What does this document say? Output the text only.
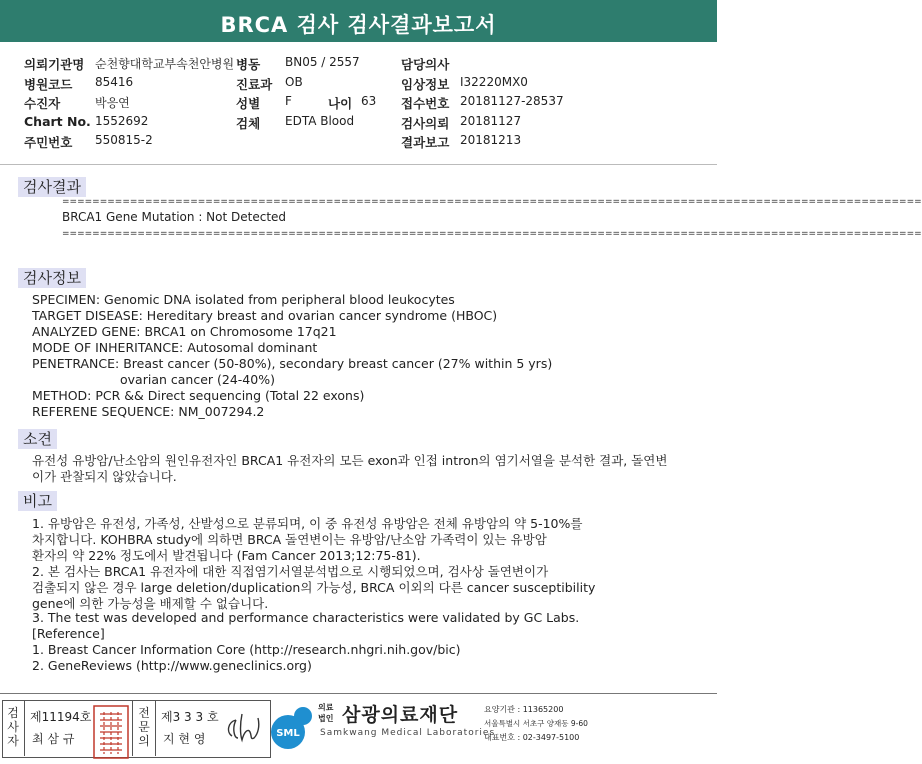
BRCA 검사 검사결과보고서
의뢰기관명 순천향대학교부속천안병원 병동 BN05 / 2557	담당의사
병원코드 85416	진료과 OB	임상정보 I32220MX0
수진자	박응연	성별 F	나이 63 접수번호 20181127-28537
Chart No. 1552692	검체 EDTA Blood	검사의뢰 20181127
주민번호 550815-2	결과보고 20181213
검사결과
==================================================================================================================
BRCA1 Gene Mutation : Not Detected
==================================================================================================================
검사정보
SPECIMEN: Genomic DNA isolated from peripheral blood leukocytes
TARGET DISEASE: Hereditary breast and ovarian cancer syndrome (HBOC)
ANALYZED GENE: BRCA1 on Chromosome 17q21
MODE OF INHERITANCE: Autosomal dominant
PENETRANCE: Breast cancer (50-80%), secondary breast cancer (27% within 5 yrs)
ovarian cancer (24-40%)
METHOD: PCR && Direct sequencing (Total 22 exons)
REFERENE SEQUENCE: NM_007294.2
소견
유전성 유방암/난소암의 원인유전자인 BRCA1 유전자의 모든 exon과 인접 intron의 염기서열을 분석한 결과, 돌연변
이가 관찰되지 않았습니다.
비고
1. 유방암은 유전성, 가족성, 산발성으로 분류되며, 이 중 유전성 유방암은 전체 유방암의 약 5-10%를
차지합니다. KOHBRA study에 의하면 BRCA 돌연변이는 유방암/난소암 가족력이 있는 유방암
환자의 약 22% 정도에서 발견됩니다 (Fam Cancer 2013;12:75-81).
2. 본 검사는 BRCA1 유전자에 대한 직접염기서열분석법으로 시행되었으며, 검사상 돌연변이가
검출되지 않은 경우 large deletion/duplication의 가능성, BRCA 이외의 다른 cancer susceptibility
gene에 의한 가능성을 배제할 수 없습니다.
3. The test was developed and performance characteristics were validated by GC Labs.
[Reference]
1. Breast Cancer Information Core (http://research.nhgri.nih.gov/bic)
2. GeneReviews (http://www.geneclinics.org)
검사자
제11194호
최 삼 규
전문의
제3 3 3 호
지 현 영	SML
의료 법인 삼광의료재단
Samkwang Medical Laboratories
요양기관 : 11365200
서울특별시 서초구 양재동 9-60
대표번호 : 02-3497-5100
